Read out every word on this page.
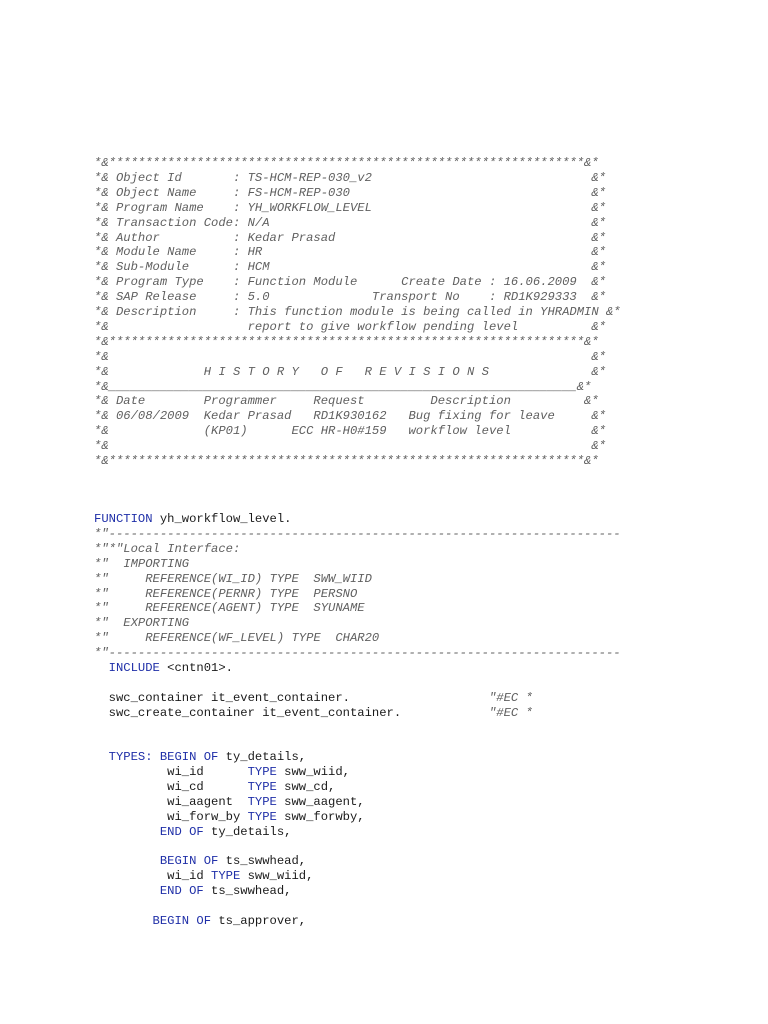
*&*****************************************************************&*
*& Object Id       : TS-HCM-REP-030_v2                              &*
*& Object Name     : FS-HCM-REP-030                                 &*
*& Program Name    : YH_WORKFLOW_LEVEL                              &*
*& Transaction Code: N/A                                            &*
*& Author          : Kedar Prasad                                   &*
*& Module Name     : HR                                             &*
*& Sub-Module      : HCM                                            &*
*& Program Type    : Function Module      Create Date : 16.06.2009  &*
*& SAP Release     : 5.0              Transport No    : RD1K929333  &*
*& Description     : This function module is being called in YHRADMIN &*
*&                   report to give workflow pending level          &*
*&*****************************************************************&*
*&                                                                  &*
*&             H I S T O R Y   O F   R E V I S I O N S              &*
*&________________________________________________________________&*
*& Date        Programmer     Request         Description          &*
*& 06/08/2009  Kedar Prasad   RD1K930162   Bug fixing for leave     &*
*&             (KP01)      ECC HR-H0#159   workflow level           &*
*&                                                                  &*
*&*****************************************************************&*
FUNCTION yh_workflow_level.
*"----------------------------------------------------------------------
*"*"Local Interface:
*"  IMPORTING
*"     REFERENCE(WI_ID) TYPE  SWW_WIID
*"     REFERENCE(PERNR) TYPE  PERSNO
*"     REFERENCE(AGENT) TYPE  SYUNAME
*"  EXPORTING
*"     REFERENCE(WF_LEVEL) TYPE  CHAR20
*"----------------------------------------------------------------------
INCLUDE <cntn01>.
swc_container it_event_container.                   "#EC *
swc_create_container it_event_container.            "#EC *
TYPES: BEGIN OF ty_details,
wi_id      TYPE sww_wiid,
wi_cd      TYPE sww_cd,
wi_aagent  TYPE sww_aagent,
wi_forw_by TYPE sww_forwby,
END OF ty_details,
BEGIN OF ts_swwhead,
wi_id TYPE sww_wiid,
END OF ts_swwhead,
BEGIN OF ts_approver,
